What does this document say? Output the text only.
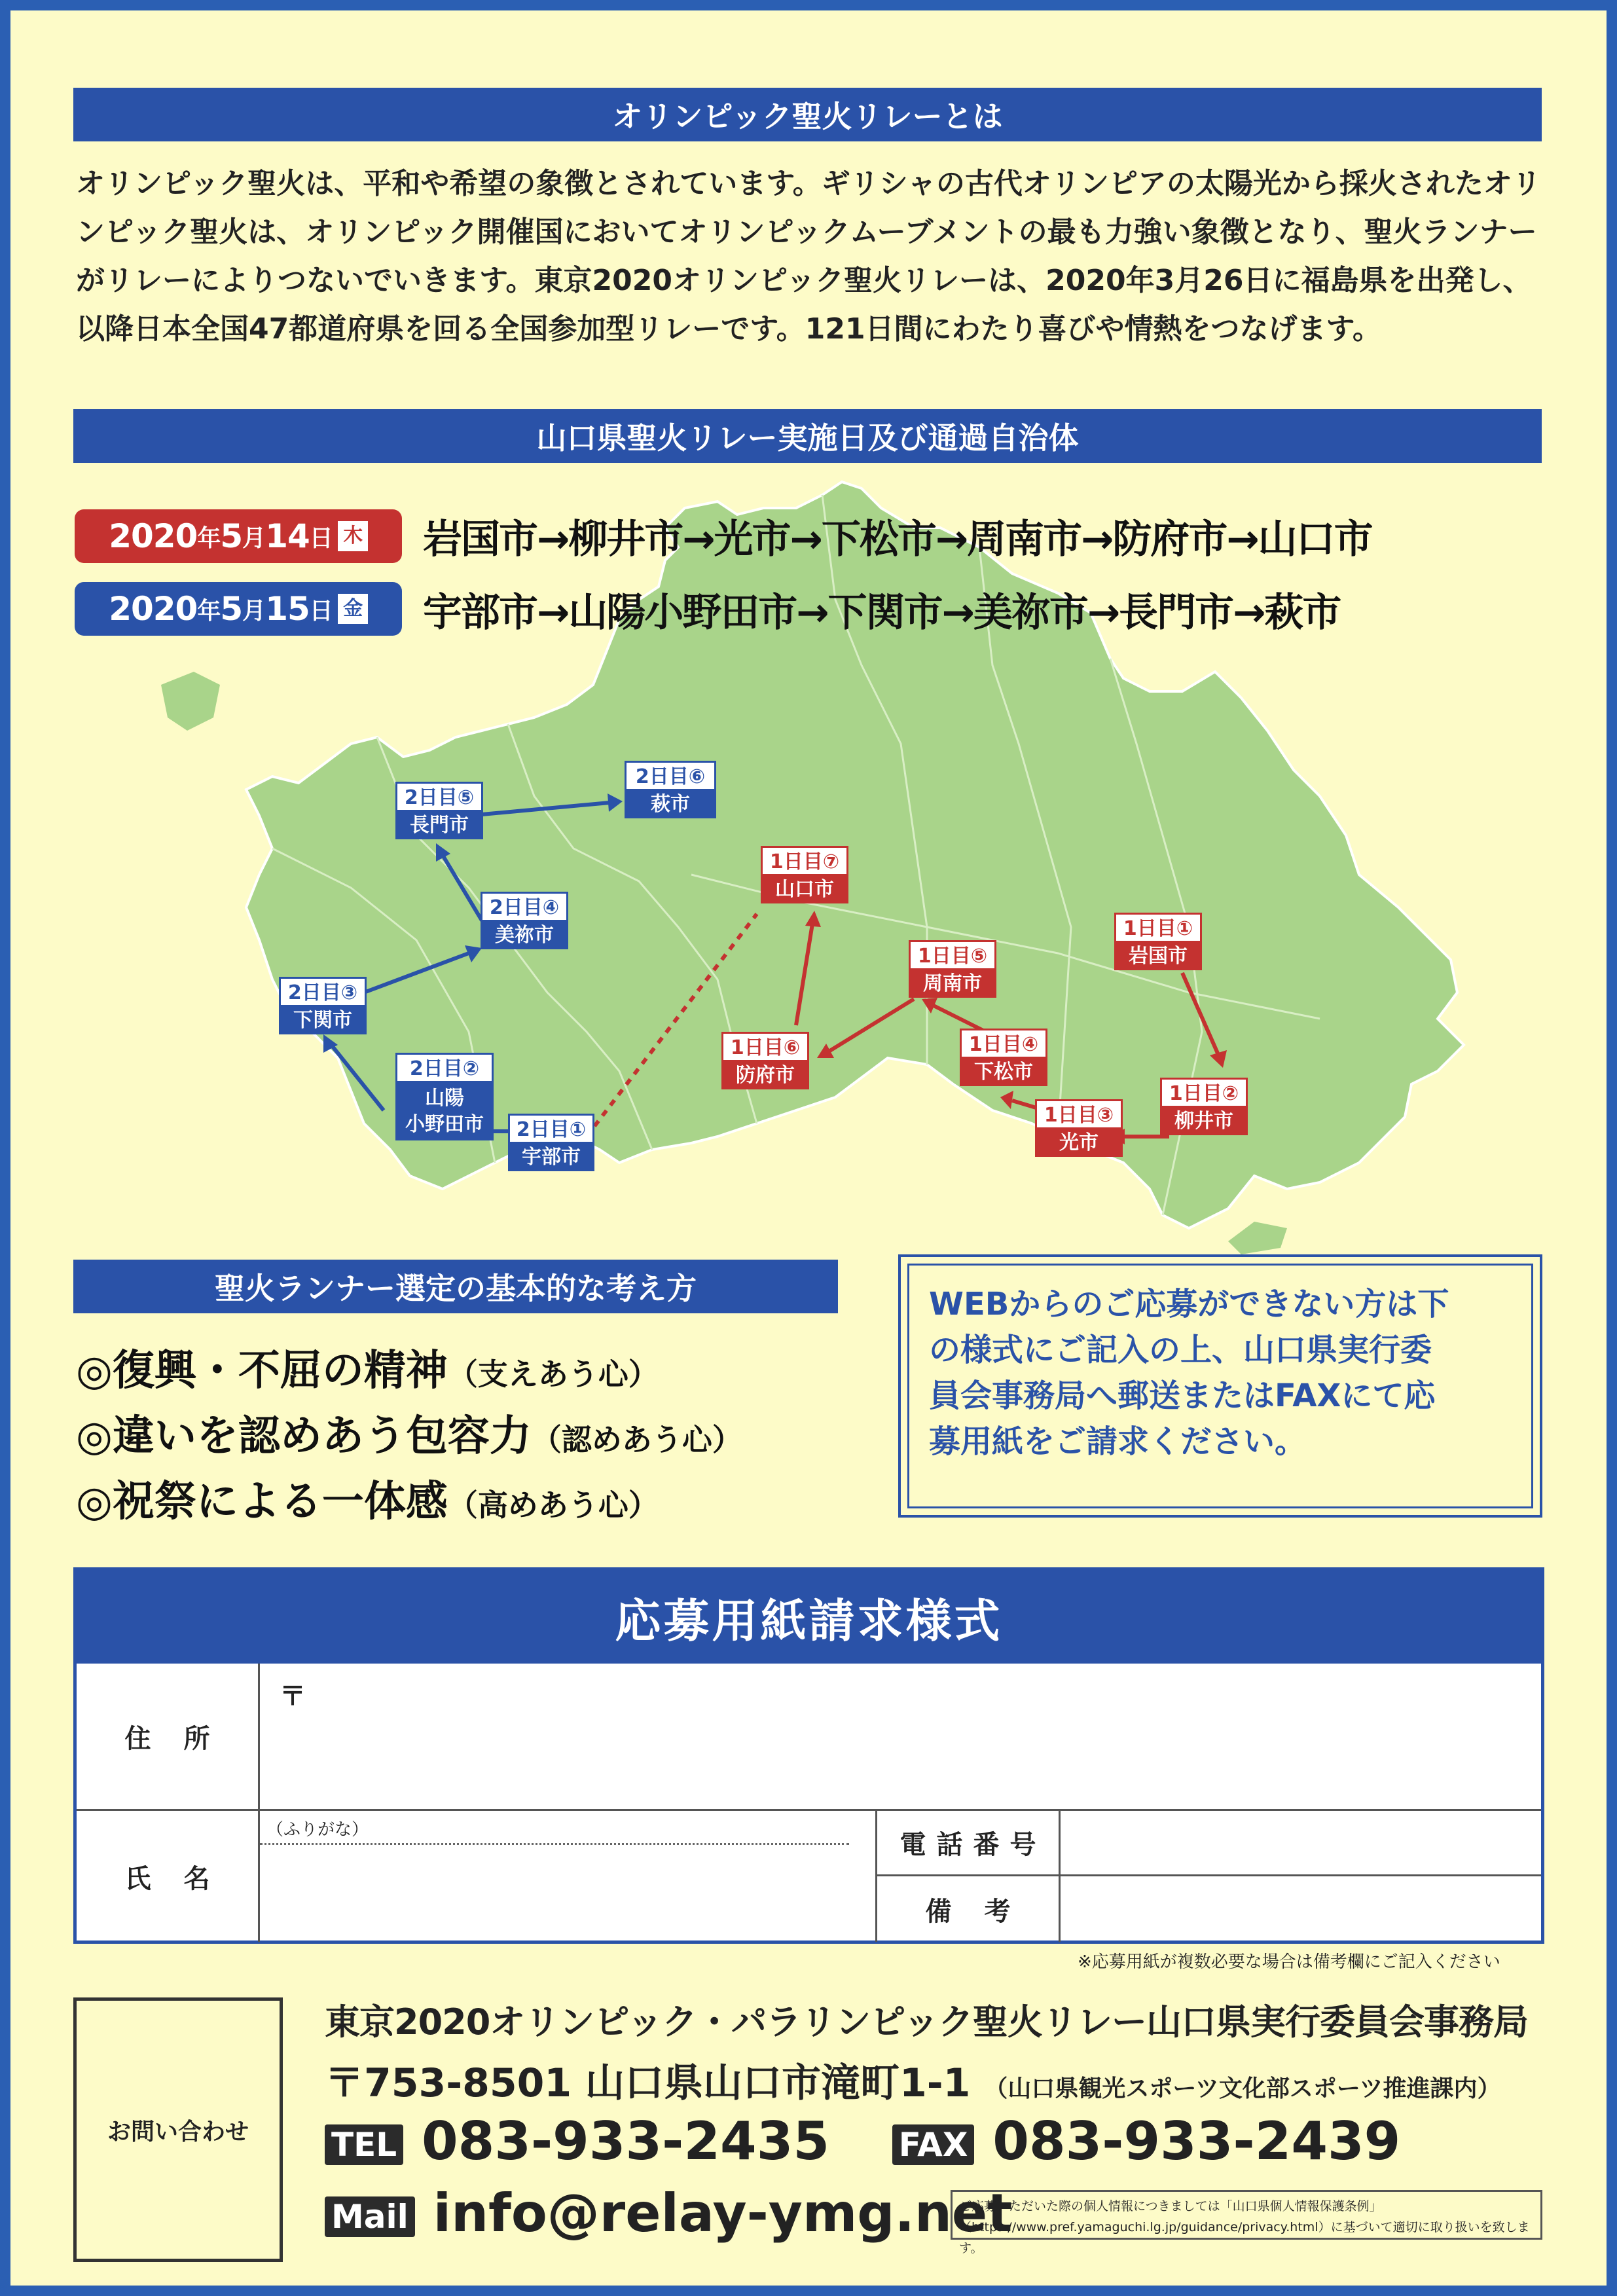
オリンピック聖火リレーとは

オリンピック聖火は、平和や希望の象徴とされています。ギリシャの古代オリンピアの太陽光から採火されたオリンピック聖火は、オリンピック開催国においてオリンピックムーブメントの最も力強い象徴となり、聖火ランナーがリレーによりつないでいきます。東京2020オリンピック聖火リレーは、2020年3月26日に福島県を出発し、以降日本全国47都道府県を回る全国参加型リレーです。121日間にわたり喜びや情熱をつなげます。

山口県聖火リレー実施日及び通過自治体
2020 年 5 月 14 日 木 岩国市→柳井市→光市→下松市→周南市→防府市→山口市
2020 年 5 月 15 日 金 宇部市→山陽小野田市→下関市→美祢市→長門市→萩市
2日目⑤
長門市
2日目⑥
萩市
2日目④
美祢市
2日目③
下関市
2日目②
山陽
小野田市	2日目①
宇部市
1日目⑦
山口市
1日目⑥
防府市
1日目⑤
周南市
1日目④
下松市
1日目③
光市
1日目②
柳井市
1日目①
岩国市
聖火ランナー選定の基本的な考え方
◎復興・不屈の精神（支えあう心）
◎違いを認めあう包容力（認めあう心）
◎祝祭による一体感（高めあう心）
WEBからのご応募ができない方は下
の様式にご記入の上、山口県実行委
員会事務局へ郵送またはFAXにて応
募用紙をご請求ください。
応募用紙請求様式
住所
〒
氏名
（ふりがな）	電話番号
備考
※応募用紙が複数必要な場合は備考欄にご記入ください
お問い合わせ
東京2020オリンピック・パラリンピック聖火リレー山口県実行委員会事務局
〒753-8501 山口県山口市滝町1-1 （山口県観光スポーツ文化部スポーツ推進課内）
TEL 083-933-2435 FAX 083-933-2439
Mail info@relay-ymg.net
ご応募いただいた際の個人情報につきましては「山口県個人情報保護条例」
（https://www.pref.yamaguchi.lg.jp/guidance/privacy.html）に基づいて適切に取り扱いを致します。
